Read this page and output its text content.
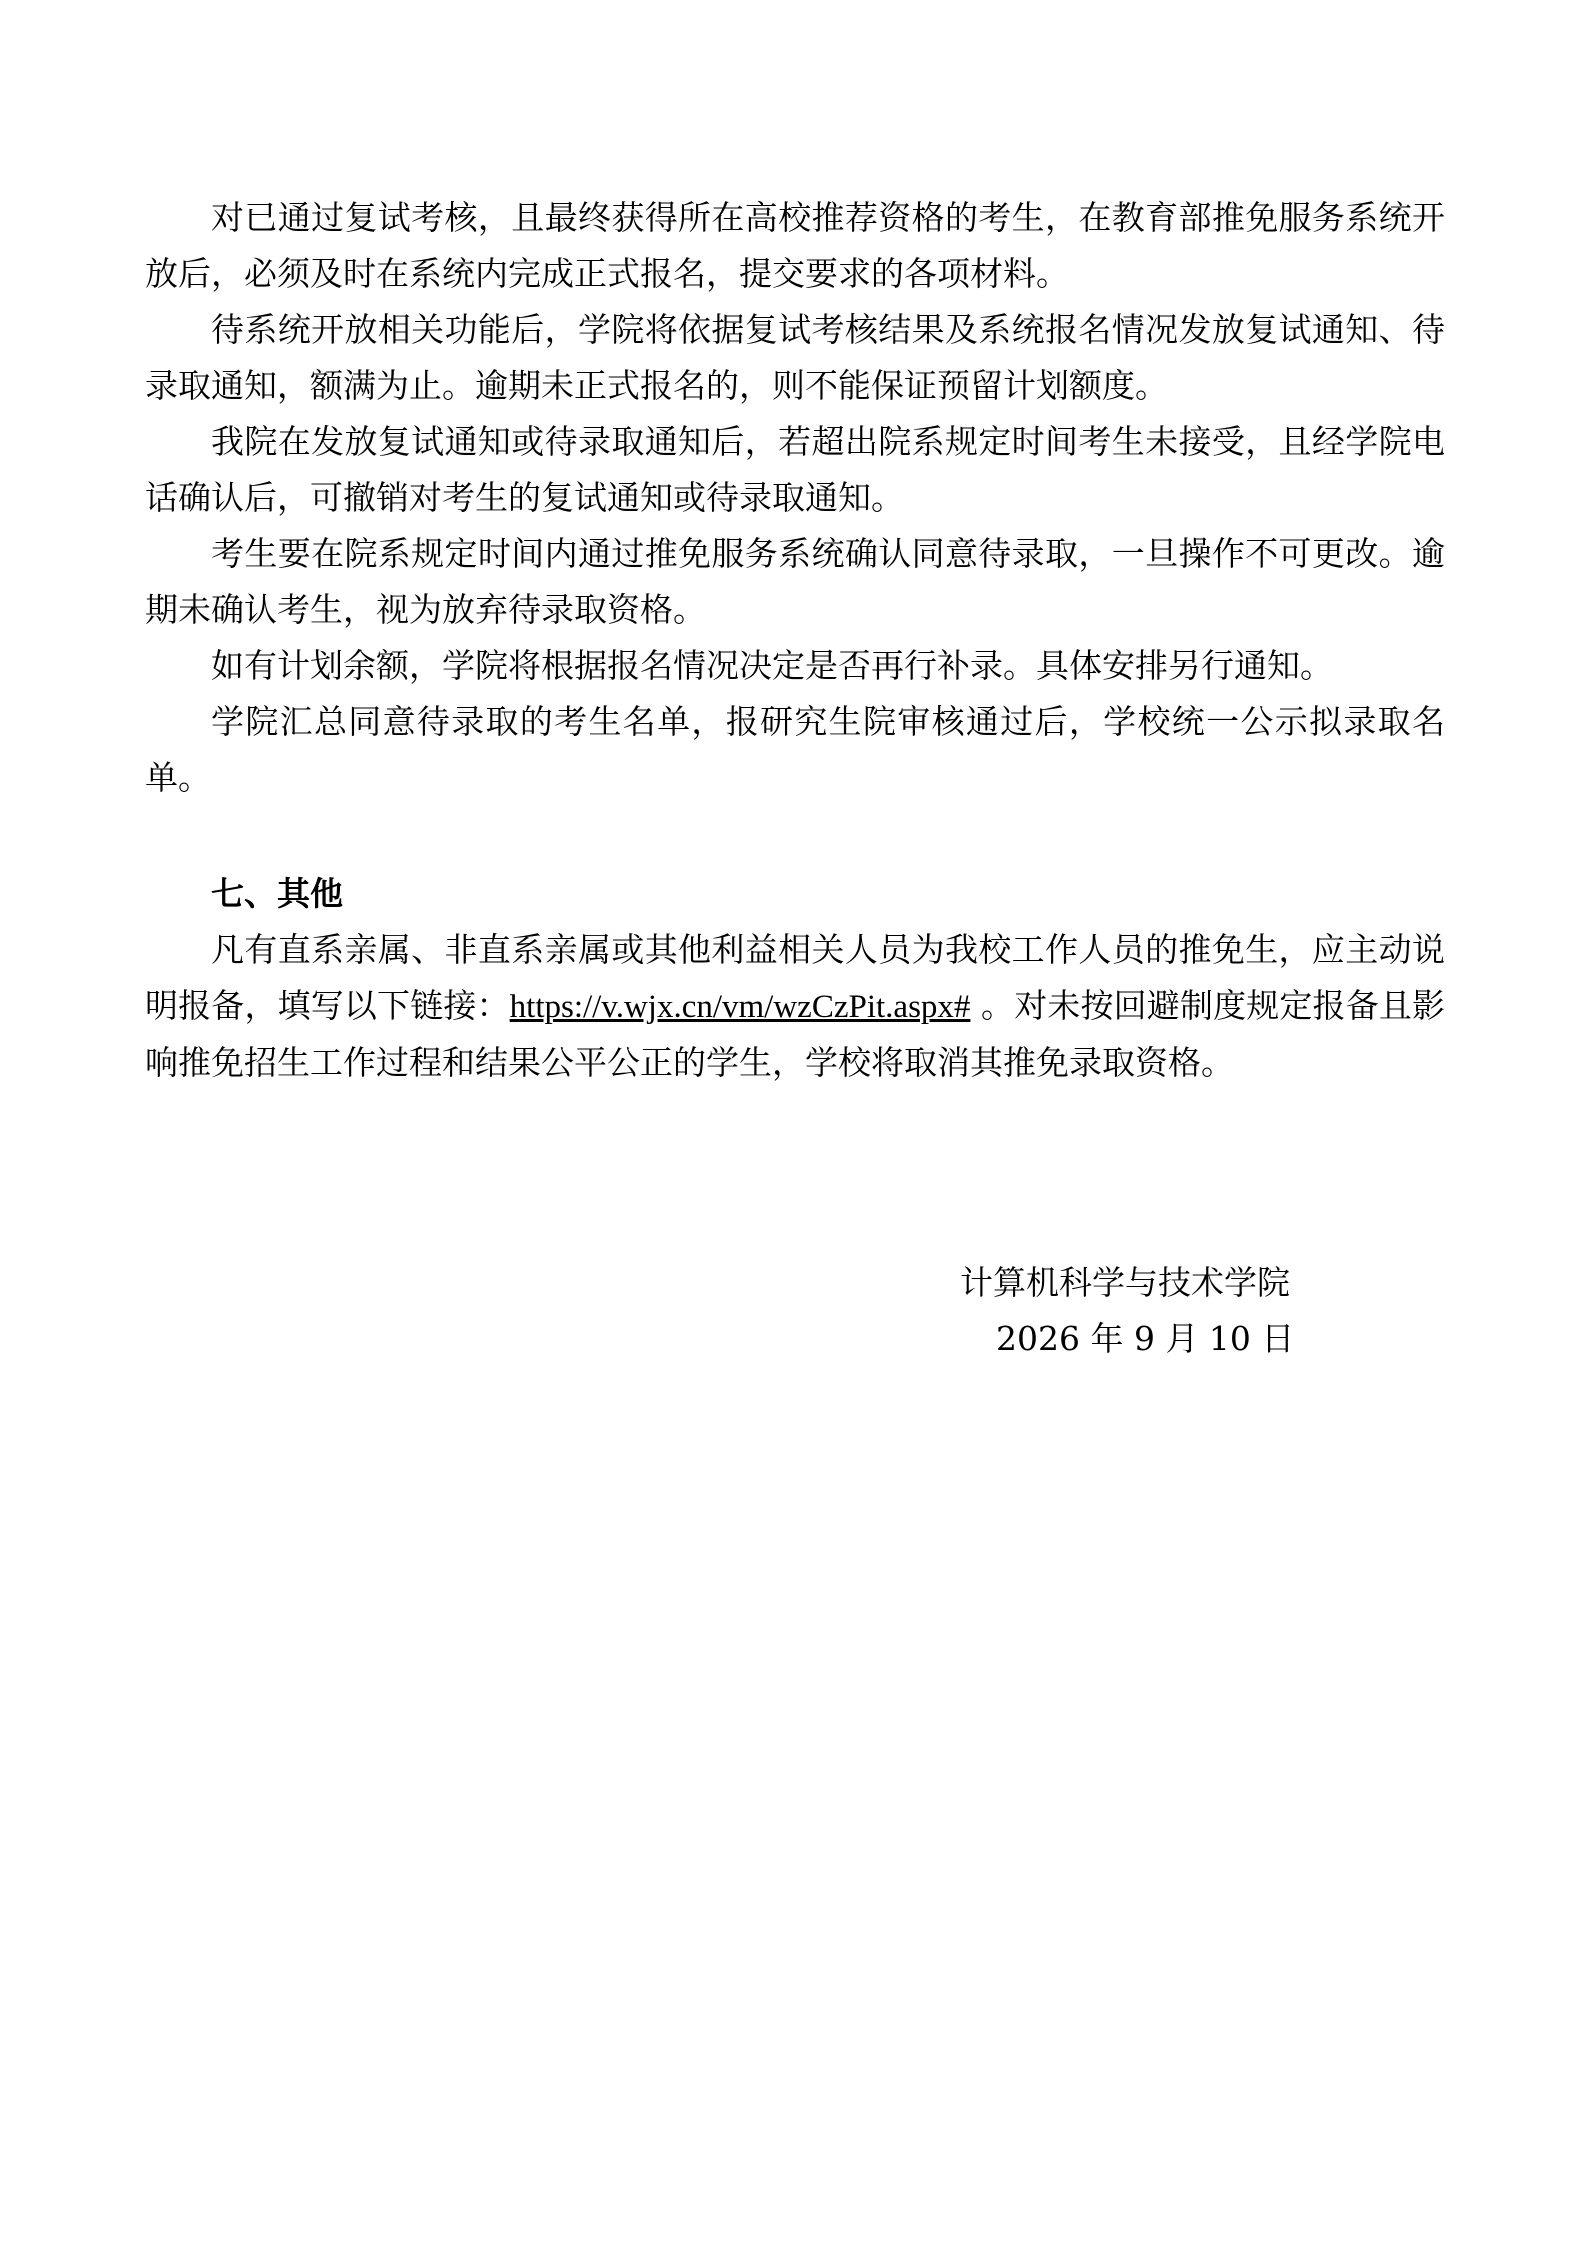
对已通过复试考核，且最终获得所在高校推荐资格的考生，在教育部推免服务系统开放后，必须及时在系统内完成正式报名，提交要求的各项材料。

待系统开放相关功能后，学院将依据复试考核结果及系统报名情况发放复试通知、待录取通知，额满为止。逾期未正式报名的，则不能保证预留计划额度。

我院在发放复试通知或待录取通知后，若超出院系规定时间考生未接受，且经学院电话确认后，可撤销对考生的复试通知或待录取通知。

考生要在院系规定时间内通过推免服务系统确认同意待录取，一旦操作不可更改。逾期未确认考生，视为放弃待录取资格。

如有计划余额，学院将根据报名情况决定是否再行补录。具体安排另行通知。

学院汇总同意待录取的考生名单，报研究生院审核通过后，学校统一公示拟录取名单。

七、其他

凡有直系亲属、非直系亲属或其他利益相关人员为我校工作人员的推免生，应主动说明报备，填写以下链接：https://v.wjx.cn/vm/wzCzPit.aspx# 。对未按回避制度规定报备且影响推免招生工作过程和结果公平公正的学生，学校将取消其推免录取资格。

计算机科学与技术学院
2026 年 9 月 10 日
